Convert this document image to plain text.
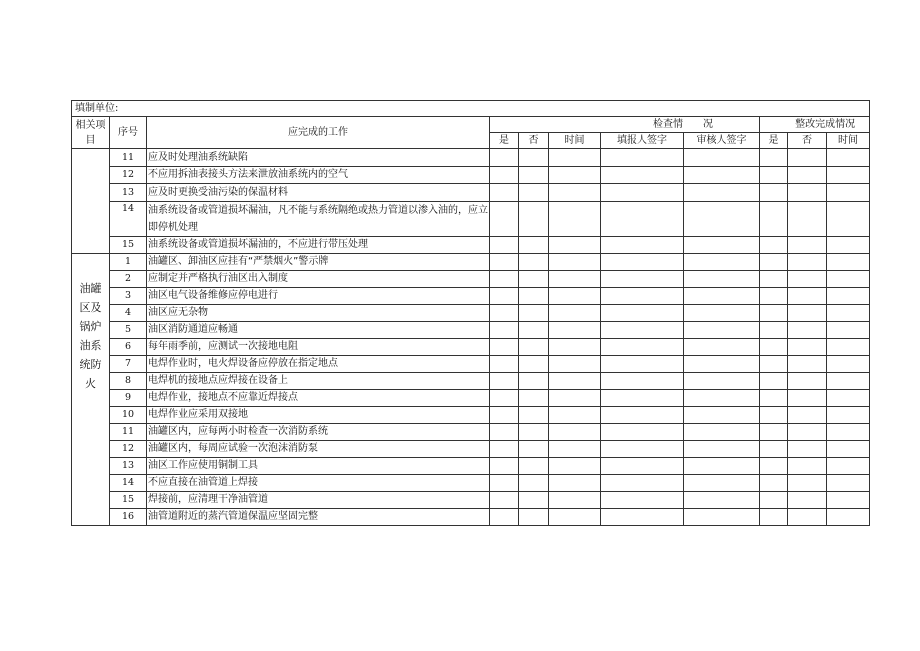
填制单位:										
相关项目	序号	应完成的工作	检查情　　况					整改完成情况		
			是	否	时间	填报人签字	审核人签字	是	否	时间

	11	应及时处理油系统缺陷								
	12	不应用拆油表接头方法来泄放油系统内的空气								
	13	应及时更换受油污染的保温材料								
	14	油系统设备或管道损坏漏油，凡不能与系统隔绝或热力管道以渗入油的，应立即停机处理								
	15	油系统设备或管道损坏漏油的，不应进行带压处理								

油罐区及锅炉油系统防火	1	油罐区、卸油区应挂有“严禁烟火”警示牌								
	2	应制定并严格执行油区出入制度								
	3	油区电气设备维修应停电进行								
	4	油区应无杂物								
	5	油区消防通道应畅通								
	6	每年雨季前，应测试一次接地电阻								
	7	电焊作业时，电火焊设备应停放在指定地点								
	8	电焊机的接地点应焊接在设备上								
	9	电焊作业，接地点不应靠近焊接点								
	10	电焊作业应采用双接地								
	11	油罐区内，应每两小时检查一次消防系统								
	12	油罐区内，每周应试验一次泡沫消防泵								
	13	油区工作应使用铜制工具								
	14	不应直接在油管道上焊接								
	15	焊接前，应清理干净油管道								
	16	油管道附近的蒸汽管道保温应坚固完整								
